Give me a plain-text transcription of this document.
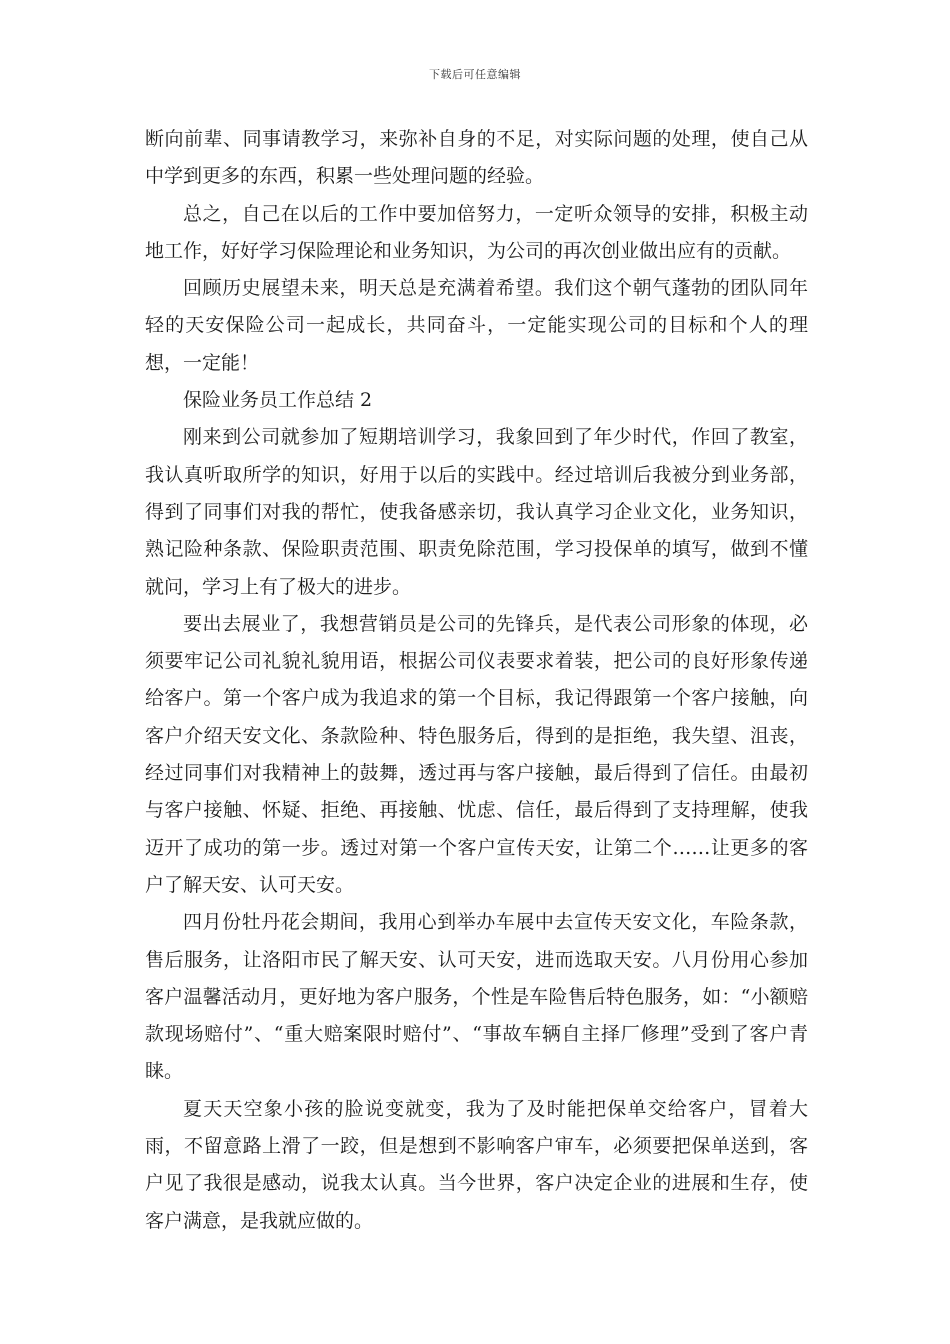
下载后可任意编辑

断向前辈、同事请教学习，来弥补自身的不足，对实际问题的处理，使自己从中学到更多的东西，积累一些处理问题的经验。

总之，自己在以后的工作中要加倍努力，一定听众领导的安排，积极主动地工作，好好学习保险理论和业务知识，为公司的再次创业做出应有的贡献。

回顾历史展望未来，明天总是充满着希望。我们这个朝气蓬勃的团队同年轻的天安保险公司一起成长，共同奋斗，一定能实现公司的目标和个人的理想，一定能！

保险业务员工作总结 2

刚来到公司就参加了短期培训学习，我象回到了年少时代，作回了教室，我认真听取所学的知识，好用于以后的实践中。经过培训后我被分到业务部，得到了同事们对我的帮忙，使我备感亲切，我认真学习企业文化，业务知识，熟记险种条款、保险职责范围、职责免除范围，学习投保单的填写，做到不懂就问，学习上有了极大的进步。

要出去展业了，我想营销员是公司的先锋兵，是代表公司形象的体现，必须要牢记公司礼貌礼貌用语，根据公司仪表要求着装，把公司的良好形象传递给客户。第一个客户成为我追求的第一个目标，我记得跟第一个客户接触，向客户介绍天安文化、条款险种、特色服务后，得到的是拒绝，我失望、沮丧，经过同事们对我精神上的鼓舞，透过再与客户接触，最后得到了信任。由最初与客户接触、怀疑、拒绝、再接触、忧虑、信任，最后得到了支持理解，使我迈开了成功的第一步。透过对第一个客户宣传天安，让第二个……让更多的客户了解天安、认可天安。

四月份牡丹花会期间，我用心到举办车展中去宣传天安文化，车险条款，售后服务，让洛阳市民了解天安、认可天安，进而选取天安。八月份用心参加客户温馨活动月，更好地为客户服务，个性是车险售后特色服务，如：“小额赔款现场赔付”、“重大赔案限时赔付”、“事故车辆自主择厂修理”受到了客户青睐。

夏天天空象小孩的脸说变就变，我为了及时能把保单交给客户，冒着大雨，不留意路上滑了一跤，但是想到不影响客户审车，必须要把保单送到，客户见了我很是感动，说我太认真。当今世界，客户决定企业的进展和生存，使客户满意，是我就应做的。
